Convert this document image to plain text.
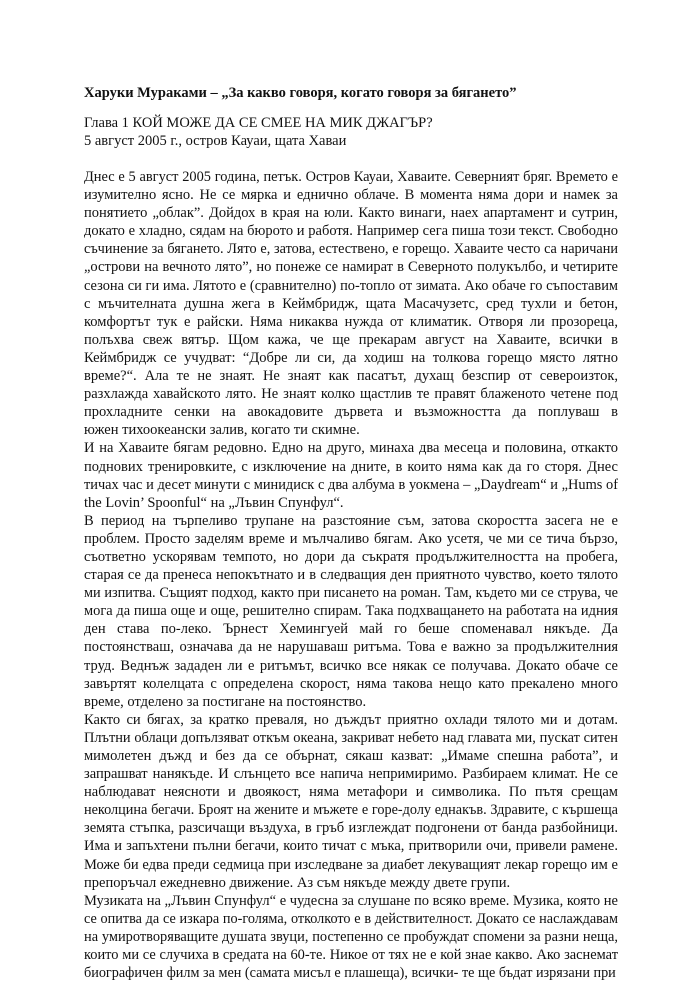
Харуки Мураками – „За какво говоря, когато говоря за бягането”
Глава 1 КОЙ МОЖЕ ДА СЕ СМЕЕ НА МИК ДЖАГЪР?
5 август 2005 г., остров Кауаи, щата Хаваи
Днес е 5 август 2005 година, петък. Остров Кауаи, Хаваите. Северният бряг. Времето е
изумително ясно. Не се мярка и еднично облаче. В момента няма дори и намек за
понятието „облак”. Дойдох в края на юли. Както винаги, наех апартамент и сутрин,
докато е хладно, сядам на бюрото и работя. Например сега пиша този текст. Свободно
съчинение за бягането. Лято е, затова, естествено, е горещо. Хаваите често са наричани
„острови на вечното лято”, но понеже се намират в Северното полукълбо, и четирите
сезона си ги има. Лятото е (сравнително) по-топло от зимата. Ако обаче го съпоставим
с мъчителната душна жега в Кеймбридж, щата Масачузетс, сред тухли и бетон,
комфортът тук е райски. Няма никаква нужда от климатик. Отворя ли прозореца,
полъхва свеж вятър. Щом кажа, че ще прекарам август на Хаваите, всички в
Кеймбридж се учудват: “Добре ли си, да ходиш на толкова горещо място лятно
време?“. Ала те не знаят. Не знаят как пасатът, духащ безспир от североизток,
разхлажда хавайското лято. Не знаят колко щастлив те правят блаженото четене под
прохладните сенки на авокадовите дървета и възможността да поплуваш в
южен тихоокеански залив, когато ти скимне.
И на Хаваите бягам редовно. Едно на друго, минаха два месеца и половина, откакто
поднових тренировките, с изключение на дните, в които няма как да го сторя. Днес
тичах час и десет минути с минидиск с два албума в уокмена – „Daydream“ и „Hums of
the Lovin’ Spoonful“ на „Лъвин Спунфул“.
В период на търпеливо трупане на разстояние съм, затова скоростта засега не е
проблем. Просто заделям време и мълчаливо бягам. Ако усетя, че ми се тича бързо,
съответно ускорявам темпото, но дори да съкратя продължителността на пробега,
старая се да пренеса непокътнато и в следващия ден приятното чувство, което тялото
ми изпитва. Същият подход, както при писането на роман. Там, където ми се струва, че
мога да пиша още и още, решително спирам. Така подхващането на работата на идния
ден става по-леко. Ърнест Хемингуей май го беше споменавал някъде. Да
постоянстваш, означава да не нарушаваш ритъма. Това е важно за продължителния
труд. Веднъж зададен ли е ритъмът, всичко все някак се получава. Докато обаче се
завъртят колелцата с определена скорост, няма такова нещо като прекалено много
време, отделено за постигане на постоянство.
Както си бягах, за кратко преваля, но дъждът приятно охлади тялото ми и дотам.
Плътни облаци допълзяват откъм океана, закриват небето над главата ми, пускат ситен
мимолетен дъжд и без да се обърнат, сякаш казват: „Имаме спешна работа”, и
запрашват нанякъде. И слънцето все напича непримиримо. Разбираем климат. Не се
наблюдават неясноти и двоякост, няма метафори и символика. По пътя срещам
неколцина бегачи. Броят на жените и мъжете е горе-долу еднакъв. Здравите, с кършеща
земята стъпка, разсичащи въздуха, в гръб изглеждат подгонени от банда разбойници.
Има и запъхтени пълни бегачи, които тичат с мъка, притворили очи, привели рамене.
Може би едва преди седмица при изследване за диабет лекуващият лекар горещо им е
препоръчал ежедневно движение. Аз съм някъде между двете групи.
Музиката на „Лъвин Спунфул“ е чудесна за слушане по всяко време. Музика, която не
се опитва да се изкара по-голяма, отколкото е в действителност. Докато се наслаждавам
на умиротворяващите душата звуци, постепенно се пробуждат спомени за разни неща,
които ми се случиха в средата на 60-те. Никое от тях не е кой знае какво. Ако заснемат
биографичен филм за мен (самата мисъл е плашеща), всички- те ще бъдат изрязани при
